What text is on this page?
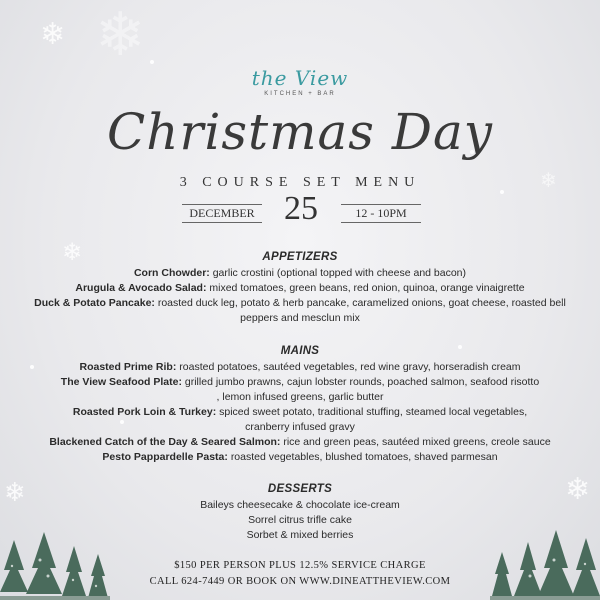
❄ ❄
❄
❄	❄
❄
the View
KITCHEN + BAR
Christmas Day
3 COURSE SET MENU
DECEMBER 25	12 - 10PM
APPETIZERS
Corn Chowder: garlic crostini (optional topped with cheese and bacon)
Arugula & Avocado Salad: mixed tomatoes, green beans, red onion, quinoa, orange vinaigrette
Duck & Potato Pancake: roasted duck leg, potato & herb pancake, caramelized onions, goat cheese, roasted bell peppers and mesclun mix
MAINS
Roasted Prime Rib: roasted potatoes, sautéed vegetables, red wine gravy, horseradish cream
The View Seafood Plate: grilled jumbo prawns, cajun lobster rounds, poached salmon, seafood risotto , lemon infused greens, garlic butter
Roasted Pork Loin & Turkey: spiced sweet potato, traditional stuffing, steamed local vegetables, cranberry infused gravy
Blackened Catch of the Day & Seared Salmon: rice and green peas, sautéed mixed greens, creole sauce
Pesto Pappardelle Pasta: roasted vegetables, blushed tomatoes, shaved parmesan
DESSERTS
Baileys cheesecake & chocolate ice-cream
Sorrel citrus trifle cake
Sorbet & mixed berries
$150 PER PERSON PLUS 12.5% SERVICE CHARGE
CALL 624-7449 OR BOOK ON WWW.DINEATTHEVIEW.COM
